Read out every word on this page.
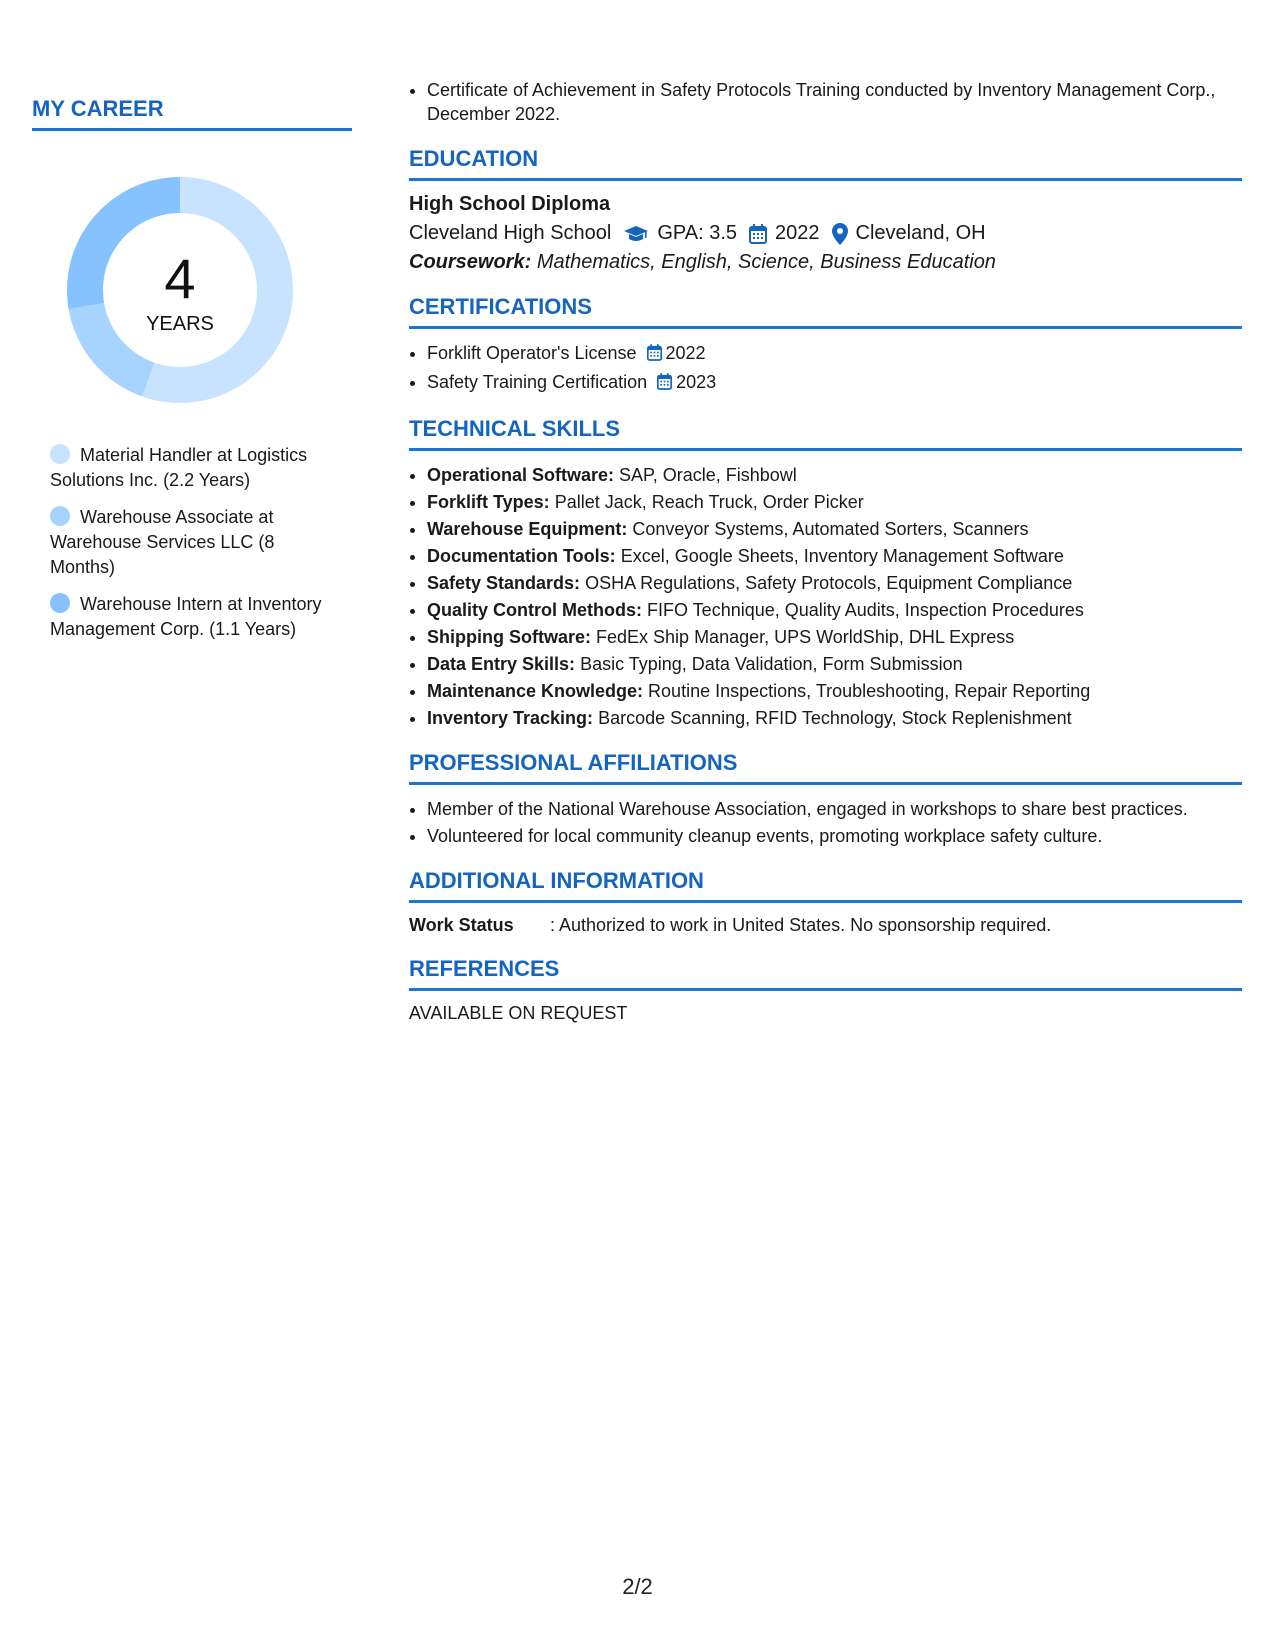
MY CAREER
4
YEARS
Material Handler at Logistics Solutions Inc. (2.2 Years)
Warehouse Associate at Warehouse Services LLC (8 Months)
Warehouse Intern at Inventory Management Corp. (1.1 Years)
• Certificate of Achievement in Safety Protocols Training conducted by Inventory Management Corp., December 2022.
EDUCATION
High School Diploma
Cleveland High School GPA: 3.5 2022 Cleveland, OH
Coursework: Mathematics, English, Science, Business Education
CERTIFICATIONS
• Forklift Operator's License 2022
• Safety Training Certification 2023
TECHNICAL SKILLS
• Operational Software: SAP, Oracle, Fishbowl
• Forklift Types: Pallet Jack, Reach Truck, Order Picker
• Warehouse Equipment: Conveyor Systems, Automated Sorters, Scanners
• Documentation Tools: Excel, Google Sheets, Inventory Management Software
• Safety Standards: OSHA Regulations, Safety Protocols, Equipment Compliance
• Quality Control Methods: FIFO Technique, Quality Audits, Inspection Procedures
• Shipping Software: FedEx Ship Manager, UPS WorldShip, DHL Express
• Data Entry Skills: Basic Typing, Data Validation, Form Submission
• Maintenance Knowledge: Routine Inspections, Troubleshooting, Repair Reporting
• Inventory Tracking: Barcode Scanning, RFID Technology, Stock Replenishment
PROFESSIONAL AFFILIATIONS
• Member of the National Warehouse Association, engaged in workshops to share best practices.
• Volunteered for local community cleanup events, promoting workplace safety culture.
ADDITIONAL INFORMATION
Work Status	: Authorized to work in United States. No sponsorship required.
REFERENCES
AVAILABLE ON REQUEST
2/2
